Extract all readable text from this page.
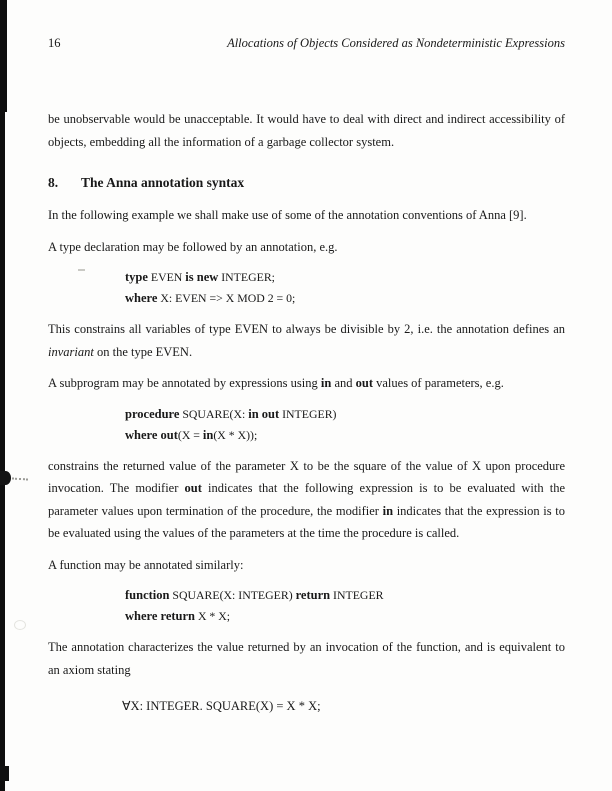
16	Allocations of Objects Considered as Nondeterministic Expressions

be unobservable would be unacceptable. It would have to deal with direct and indirect accessibility of objects, embedding all the information of a garbage collector system.

8. The Anna annotation syntax

In the following example we shall make use of some of the annotation conventions of Anna [9].

A type declaration may be followed by an annotation, e.g.

type EVEN is new INTEGER;
where X: EVEN => X MOD 2 = 0;

This constrains all variables of type EVEN to always be divisible by 2, i.e. the annotation defines an invariant on the type EVEN.

A subprogram may be annotated by expressions using in and out values of parameters, e.g.

procedure SQUARE(X: in out INTEGER)
where out(X = in(X * X));

constrains the returned value of the parameter X to be the square of the value of X upon procedure invocation. The modifier out indicates that the following expression is to be evaluated with the parameter values upon termination of the procedure, the modifier in indicates that the expression is to be evaluated using the values of the parameters at the time the procedure is called.

A function may be annotated similarly:

function SQUARE(X: INTEGER) return INTEGER
where return X * X;

The annotation characterizes the value returned by an invocation of the function, and is equivalent to an axiom stating

∀X: INTEGER. SQUARE(X) = X * X;
